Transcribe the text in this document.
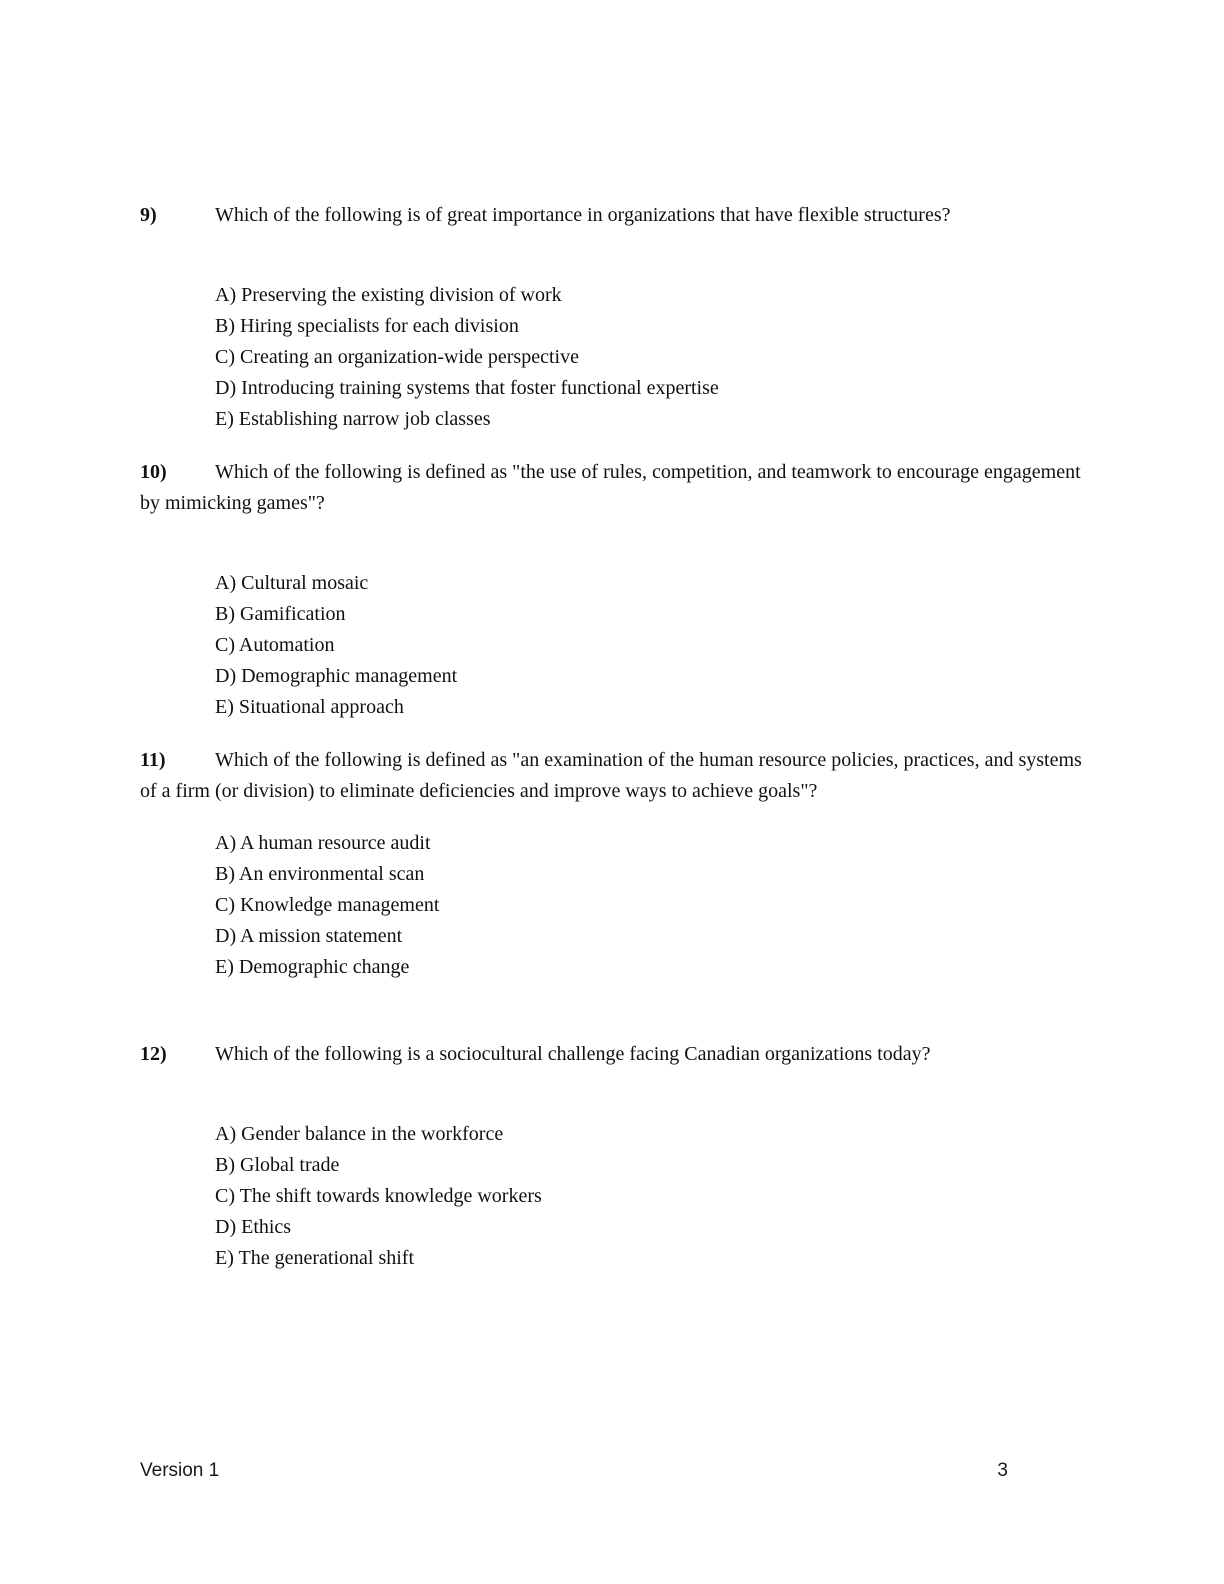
9)	Which of the following is of great importance in organizations that have flexible structures?

A) Preserving the existing division of work
B) Hiring specialists for each division
C) Creating an organization-wide perspective
D) Introducing training systems that foster functional expertise
E) Establishing narrow job classes

10) Which of the following is defined as "the use of rules, competition, and teamwork to encourage engagement by mimicking games"?

A) Cultural mosaic
B) Gamification
C) Automation
D) Demographic management
E) Situational approach

11) Which of the following is defined as "an examination of the human resource policies, practices, and systems of a firm (or division) to eliminate deficiencies and improve ways to achieve goals"?

A) A human resource audit
B) An environmental scan
C) Knowledge management
D) A mission statement
E) Demographic change

12) Which of the following is a sociocultural challenge facing Canadian organizations today?

A) Gender balance in the workforce
B) Global trade
C) The shift towards knowledge workers
D) Ethics
E) The generational shift
Version 1	3
